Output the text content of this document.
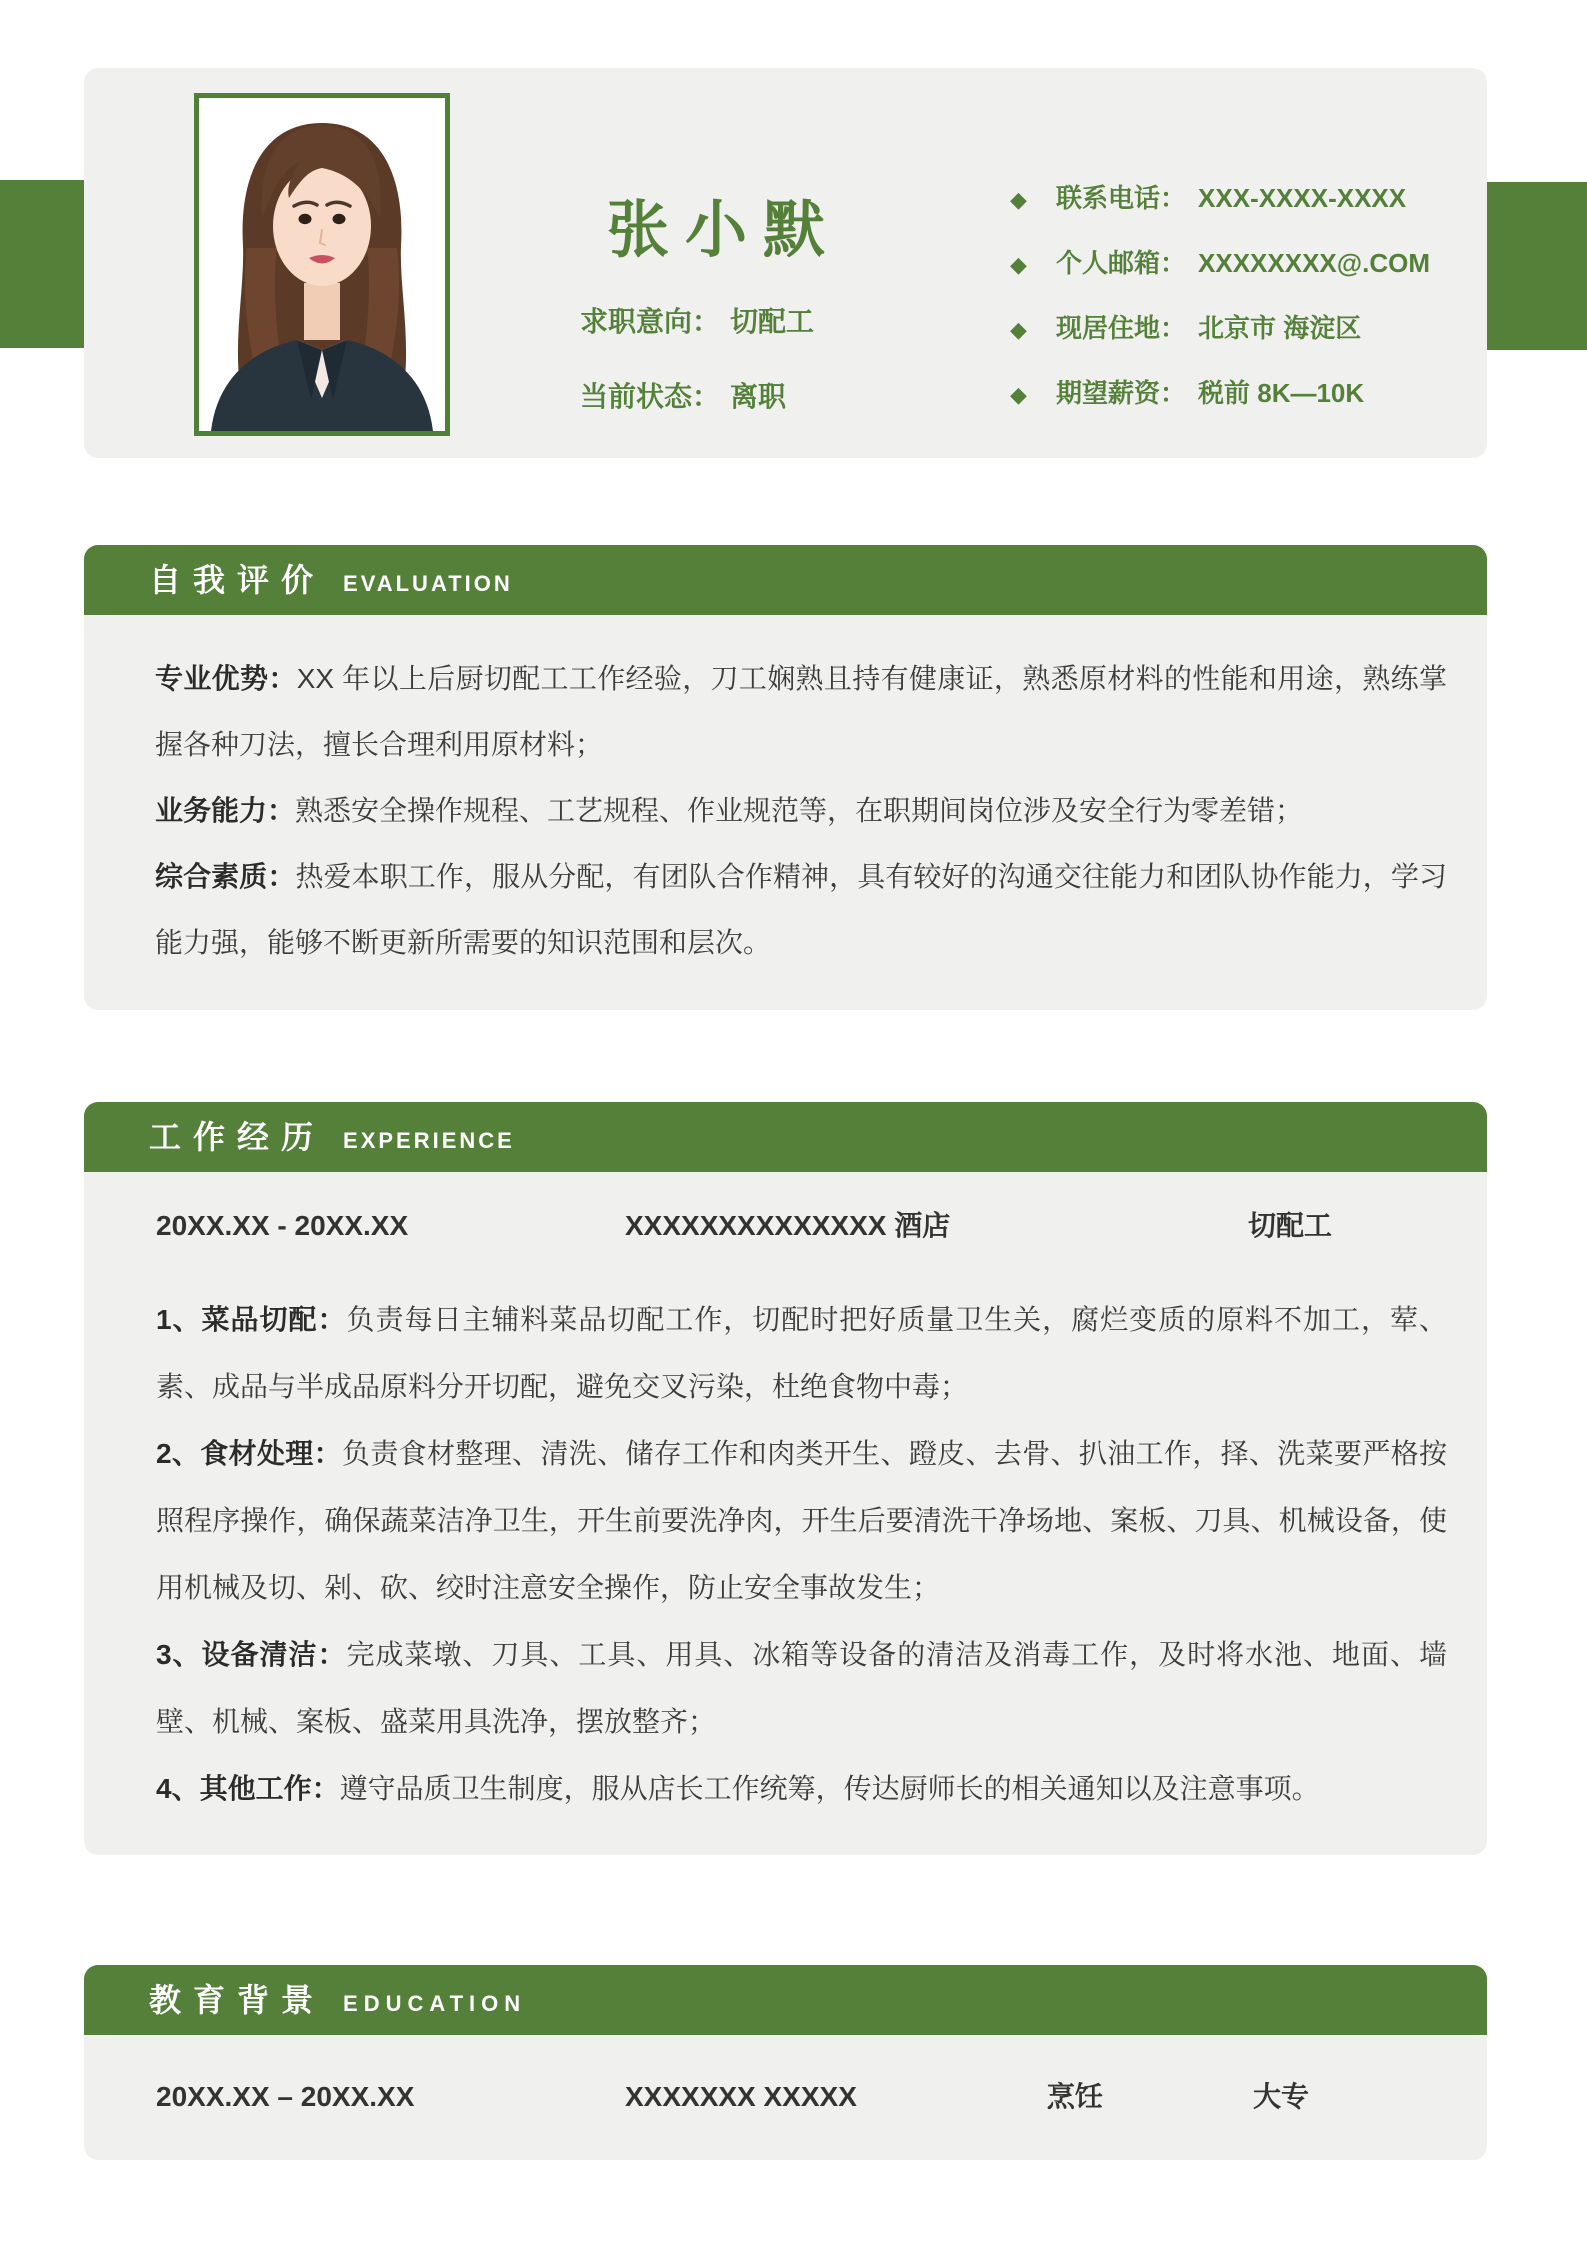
张小默
求职意向： 切配工
当前状态： 离职
◆ 联系电话： XXX-XXXX-XXXX
◆ 个人邮箱： XXXXXXXX@.COM
◆ 现居住地： 北京市 海淀区
◆ 期望薪资： 税前 8K—10K
自我评价 EVALUATION

专业优势：XX 年以上后厨切配工工作经验，刀工娴熟且持有健康证，熟悉原材料的性能和用途，熟练掌握各种刀法，擅长合理利用原材料；

业务能力：熟悉安全操作规程、工艺规程、作业规范等，在职期间岗位涉及安全行为零差错；

综合素质：热爱本职工作，服从分配，有团队合作精神，具有较好的沟通交往能力和团队协作能力，学习能力强，能够不断更新所需要的知识范围和层次。

工作经历 EXPERIENCE
20XX.XX - 20XX.XX	XXXXXXXXXXXXXX 酒店	切配工

1、菜品切配：负责每日主辅料菜品切配工作，切配时把好质量卫生关，腐烂变质的原料不加工，荤、素、成品与半成品原料分开切配，避免交叉污染，杜绝食物中毒；

2、食材处理：负责食材整理、清洗、储存工作和肉类开生、蹬皮、去骨、扒油工作，择、洗菜要严格按照程序操作，确保蔬菜洁净卫生，开生前要洗净肉，开生后要清洗干净场地、案板、刀具、机械设备，使用机械及切、剁、砍、绞时注意安全操作，防止安全事故发生；

3、设备清洁：完成菜墩、刀具、工具、用具、冰箱等设备的清洁及消毒工作，及时将水池、地面、墙壁、机械、案板、盛菜用具洗净，摆放整齐；

4、其他工作：遵守品质卫生制度，服从店长工作统筹，传达厨师长的相关通知以及注意事项。

教育背景 EDUCATION
20XX.XX – 20XX.XX	XXXXXXX XXXXX	烹饪	大专
